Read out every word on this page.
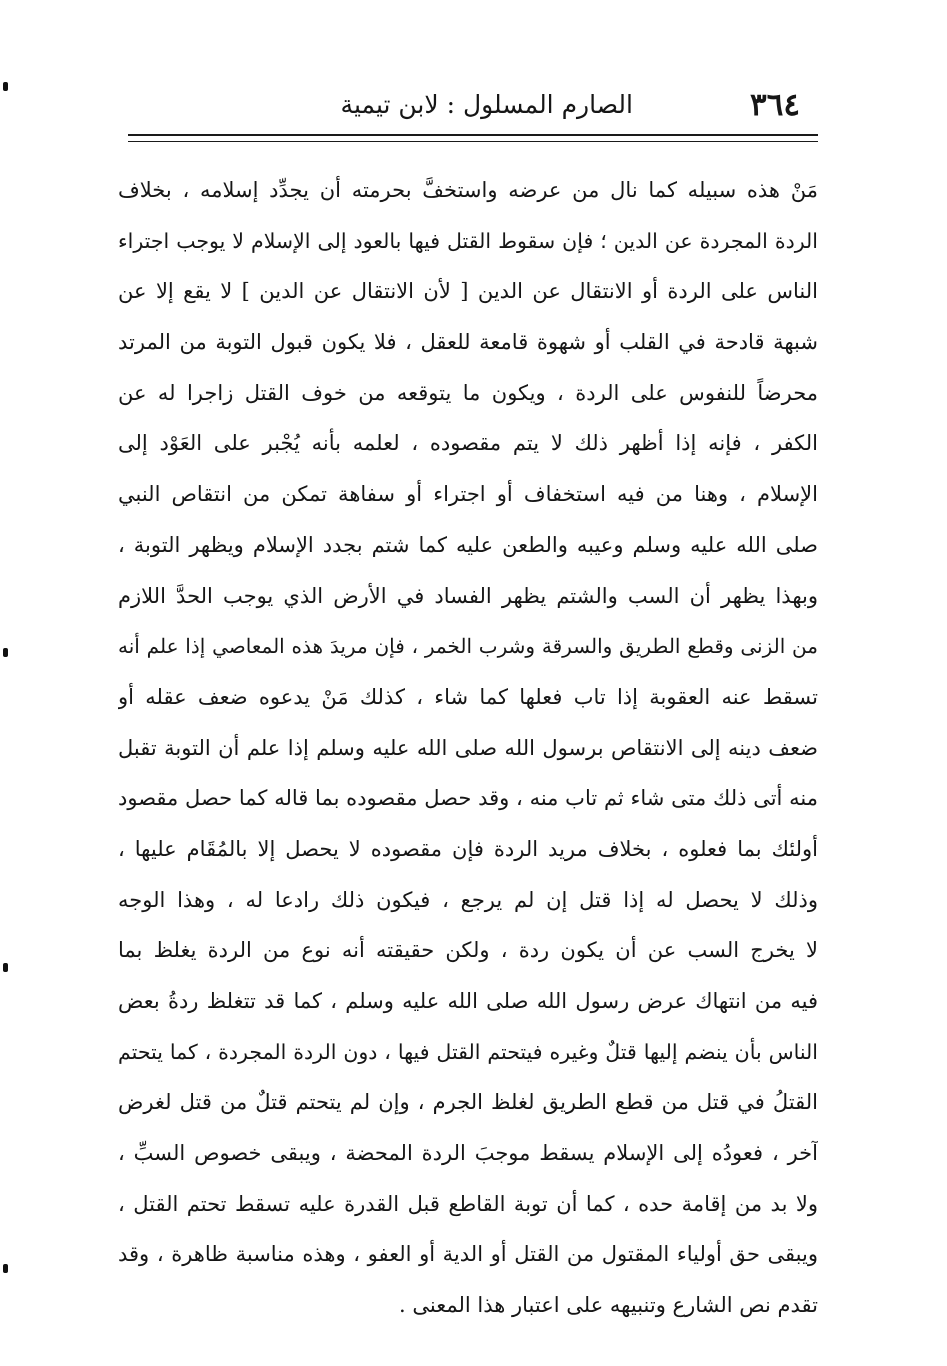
٣٦٤
الصارم المسلول : لابن تيمية
مَنْ هذه سبيله كما نال من عرضه واستخفَّ بحرمته أن يجدِّد إسلامه ، بخلاف
الردة المجردة عن الدين ؛ فإن سقوط القتل فيها بالعود إلى الإسلام لا يوجب اجتراء
الناس على الردة أو الانتقال عن الدين [ لأن الانتقال عن الدين ] لا يقع إلا عن
شبهة قادحة في القلب أو شهوة قامعة للعقل ، فلا يكون قبول التوبة من المرتد
محرضاً للنفوس على الردة ، ويكون ما يتوقعه من خوف القتل زاجرا له عن
الكفر ، فإنه إذا أظهر ذلك لا يتم مقصوده ، لعلمه بأنه يُجْبر على العَوْد إلى
الإسلام ، وهنا من فيه استخفاف أو اجتراء أو سفاهة تمكن من انتقاص النبي
صلى الله عليه وسلم وعيبه والطعن عليه كما شتم بجدد الإسلام ويظهر التوبة ،
وبهذا يظهر أن السب والشتم يظهر الفساد في الأرض الذي يوجب الحدَّ اللازم
من الزنى وقطع الطريق والسرقة وشرب الخمر ، فإن مريدَ هذه المعاصي إذا علم أنه
تسقط عنه العقوبة إذا تاب فعلها كما شاء ، كذلك مَنْ يدعوه ضعف عقله أو
ضعف دينه إلى الانتقاص برسول الله صلى الله عليه وسلم إذا علم أن التوبة تقبل
منه أتى ذلك متى شاء ثم تاب منه ، وقد حصل مقصوده بما قاله كما حصل مقصود
أولئك بما فعلوه ، بخلاف مريد الردة فإن مقصوده لا يحصل إلا بالمُقَام عليها ،
وذلك لا يحصل له إذا قتل إن لم يرجع ، فيكون ذلك رادعا له ، وهذا الوجه
لا يخرج السب عن أن يكون ردة ، ولكن حقيقته أنه نوع من الردة يغلظ بما
فيه من انتهاك عرض رسول الله صلى الله عليه وسلم ، كما قد تتغلظ ردةُ بعض
الناس بأن ينضم إليها قتلٌ وغيره فيتحتم القتل فيها ، دون الردة المجردة ، كما يتحتم
القتلُ في قتل من قطع الطريق لغلظ الجرم ، وإن لم يتحتم قتلٌ من قتل لغرض
آخر ، فعودُه إلى الإسلام يسقط موجبَ الردة المحضة ، ويبقى خصوص السبِّ ،
ولا بد من إقامة حده ، كما أن توبة القاطع قبل القدرة عليه تسقط تحتم القتل ،
ويبقى حق أولياء المقتول من القتل أو الدية أو العفو ، وهذه مناسبة ظاهرة ، وقد
تقدم نص الشارع وتنبيهه على اعتبار هذا المعنى .
